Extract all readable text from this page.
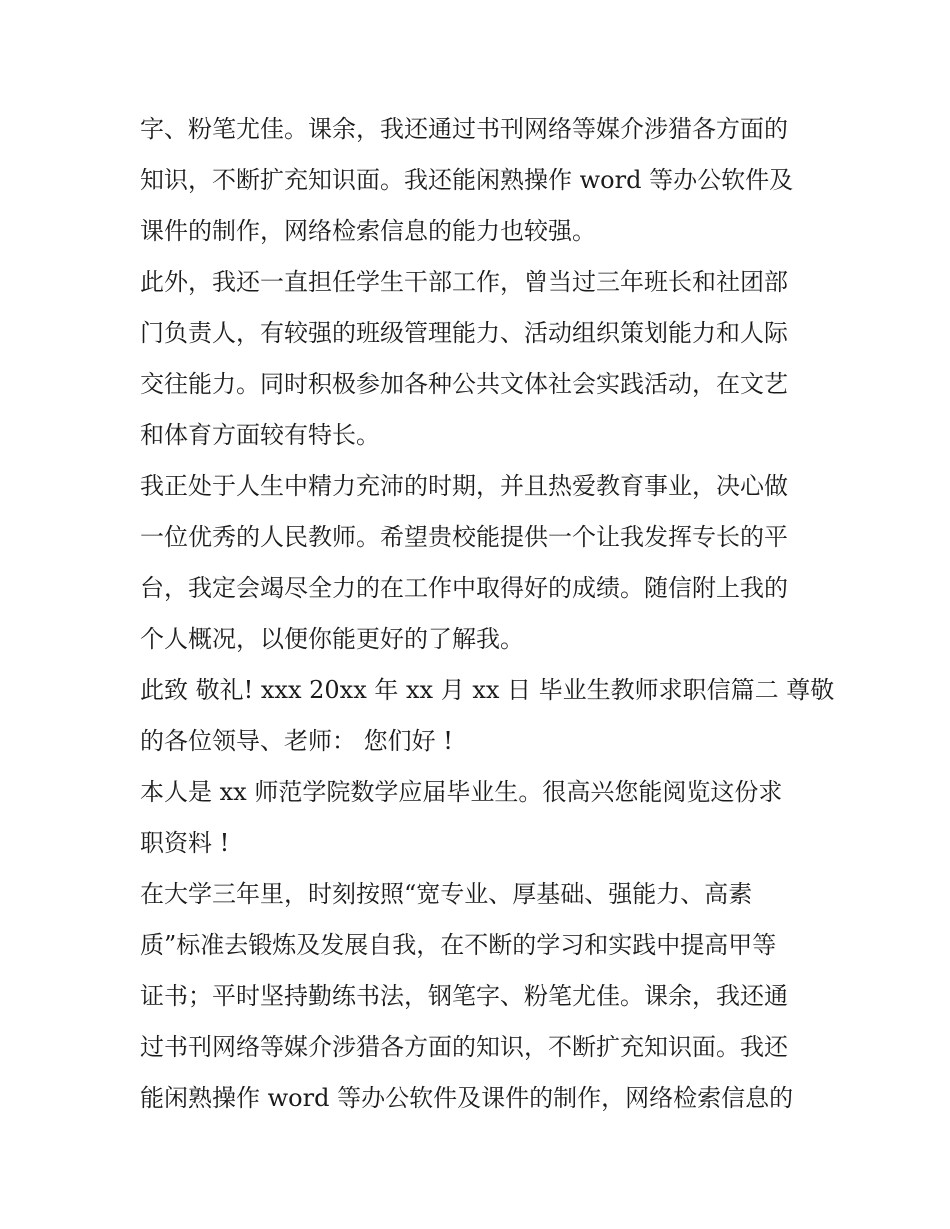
字、粉笔尤佳。课余，我还通过书刊网络等媒介涉猎各方面的
知识，不断扩充知识面。我还能闲熟操作 word 等办公软件及
课件的制作，网络检索信息的能力也较强。
此外，我还一直担任学生干部工作，曾当过三年班长和社团部
门负责人，有较强的班级管理能力、活动组织策划能力和人际
交往能力。同时积极参加各种公共文体社会实践活动，在文艺
和体育方面较有特长。
我正处于人生中精力充沛的时期，并且热爱教育事业，决心做
一位优秀的人民教师。希望贵校能提供一个让我发挥专长的平
台，我定会竭尽全力的在工作中取得好的成绩。随信附上我的
个人概况，以便你能更好的了解我。
此致 敬礼! xxx 20xx 年 xx 月 xx 日 毕业生教师求职信篇二 尊敬
的各位领导、老师： 您们好 !
本人是 xx 师范学院数学应届毕业生。很高兴您能阅览这份求
职资料 !
在大学三年里，时刻按照“宽专业、厚基础、强能力、高素
质”标准去锻炼及发展自我，在不断的学习和实践中提高甲等
证书；平时坚持勤练书法，钢笔字、粉笔尤佳。课余，我还通
过书刊网络等媒介涉猎各方面的知识，不断扩充知识面。我还
能闲熟操作 word 等办公软件及课件的制作，网络检索信息的
